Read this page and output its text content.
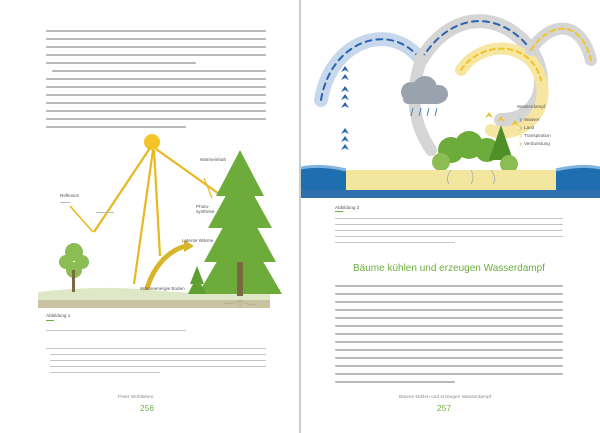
Reflexion
Wärmeinhalt
Photo-
synthese
Latente Wärme
Wärmeenergie Boden
Abbildung 1
Peter Wohlleben
256
Wasserdampf
Wasser
Land
Transpiration
Verdunstung
Abbildung 2
Bäume kühlen und erzeugen Wasserdampf
Bäume kühlen und erzeugen Wasserdampf
257
